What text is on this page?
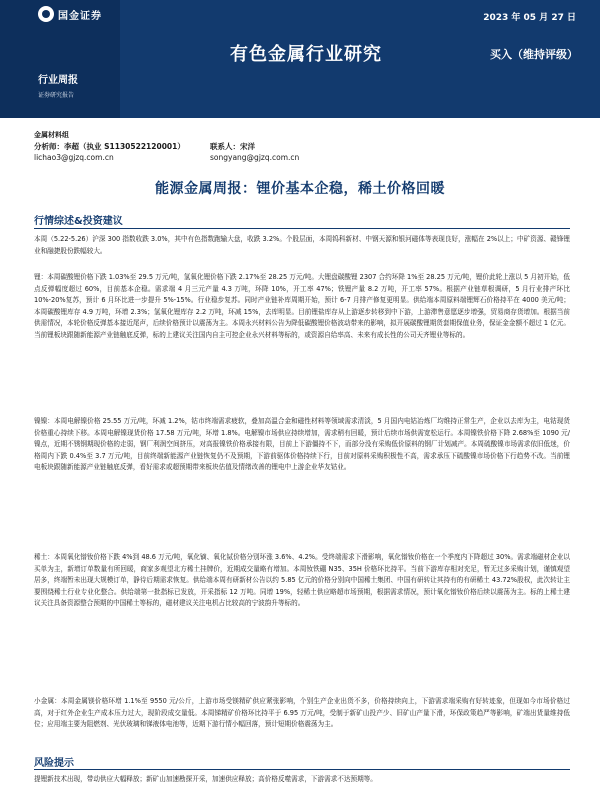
国金证券	2023 年 05 月 27 日
有色金属行业研究	买入（维持评级）
行业周报
证券研究报告
金属材料组
分析师：李超（执业 S1130522120001）	联系人：宋洋
lichao3@gjzq.com.cn	songyang@gjzq.com.cn
能源金属周报：锂价基本企稳，稀土价格回暖
行情综述&投资建议

本周（5.22-5.26）沪深 300 指数收跌 3.0%，其中有色指数跑输大盘，收跌 3.2%。个股层面，本周钨科新材、中钢天源和银河磁体等表现良好，涨幅在 2%以上；中矿资源、赣锋锂业和融捷股份跌幅较大。

锂：本周碳酸锂价格下跌 1.03%至 29.5 万元/吨，氢氧化锂价格下跌 2.17%至 28.25 万元/吨。大锂盘碳酸锂 2307 合约环降 1%至 28.25 万元/吨，锂价此轮上涨以 5 月初开始，低点反弹幅度超过 60%，目前基本企稳。需求端 4 月三元产量 4.3 万吨，环降 10%，开工率 47%；铁锂产量 8.2 万吨，开工率 57%。根据产业链草根调研，5 月行业排产环比 10%-20%复苏，预计 6 月环比进一步提升 5%-15%。行业稳步复苏。同时产业链补库周期开始，预计 6-7 月排产修复更明显。供给端本周原料端锂辉石价格持平在 4000 美元/吨；本周碳酸锂库存 4.9 万吨，环增 2.3%；氢氧化锂库存 2.2 万吨，环减 15%，去库明显。目前锂盐库存从上游逐步转移到中下游，上游滞售意愿逐步增强，贸易商存货增加。根据当前供需情况，本轮价格反弹基本接近尾声，后续价格预计以震荡为主。本周永兴材料公告为降低碳酸锂价格波动带来的影响，拟开展碳酸锂期货套期保值业务，保证金金额不超过 1 亿元。当前锂板块跟随新能源产业链触底反弹，标的上建议关注国内自主可控企业永兴材料等标的，或资源自给率高、未来有成长性的公司天齐锂业等标的。

镍镍：本周电解镍价格 25.55 万元/吨，环减 1.2%，钴市终端需求疲软，叠加高温合金和磁性材料等领域需求清淡，5 月国内电钴冶炼厂均维持正常生产，企业以去库为主，电钴现货价格重心持续下移。本周电解镍现货价格 17.58 万元/吨，环增 1.8%。电解镍市场供应持续增加，需求稍有回暖，预计后续市场供需宽松运行。本周镍铁价格下降 2.68%至 1090 元/镍点，近期不锈钢期现价格的走弱，钢厂利润空间挤压，对高报镍铁价格承接有限，目前上下游僵持不下，而部分没有采购低价原料的钢厂计划减产。本周硫酸镍市场需求依旧低迷，价格周内下跌 0.4%至 3.7 万元/吨，目前终端新能源产业链恢复仍不及预期，下游前驱体价格持续下行，目前对原料采购积极性不高，需求承压下硫酸镍市场价格下行趋势不改。当前锂电板块跟随新能源产业链触底反弹，看好需求或超预期带来板块估值及情绪改善的锂电中上游企业华友钴业。

稀土：本周氧化镨钕价格下跌 4%到 48.6 万元/吨，氧化镝、氧化铽价格分别环涨 3.6%、4.2%。受终端需求下滑影响，氧化镨钕价格在一个季度内下降超过 30%。需求端磁材企业以买单为主，新增订单数量有所回暖，商家多观望北方稀土挂牌价，近期成交量略有增加。本周钕铁硼 N35、35H 价格环比持平。当前下游库存相对充足，暂无过多采购计划，谨慎观望居多，终端暂未出现大规模订单，静待后期需求恢复。供给端本周有研新材公告以约 5.85 亿元的价格分别向中国稀土集团、中国有研转让其持有的有研稀土 43.72%股权，此次转让主要围绕稀土行业专业化整合。供给端第一批指标已发放，开采指标 12 万吨。同增 19%，轻稀土供应略超市场预期，根据需求情况，预计氧化镨钕价格后续以震荡为主。标的上稀土建议关注具备资源整合预期的中国稀土等标的，磁材建议关注电机占比较高的宁波韵升等标的。

小金属：本周金属镁价格环增 1.1%至 9550 元/公斤，上游市场受镁精矿供应紧张影响，个别生产企业出货不多，价格持续向上，下游需求端采购有好转迹象，但现如今市场价格过高，对于红外企业生产成本压力过大，现阶段成交量低。本周锑精矿价格环比持平于 6.95 万元/吨，受制于新矿山投产少、旧矿山产量下滑，环保政策趋严等影响，矿端出货量维持低位；应用端主要为阻燃剂、光伏玻璃和锑液体电池等，近期下游行情小幅回落，预计短期价格震荡为主。

风险提示

提锂新技术出现，带动供应大幅释放；新矿山加速勘探开采，加速供应释放；高价格反噬需求，下游需求不达预期等。
